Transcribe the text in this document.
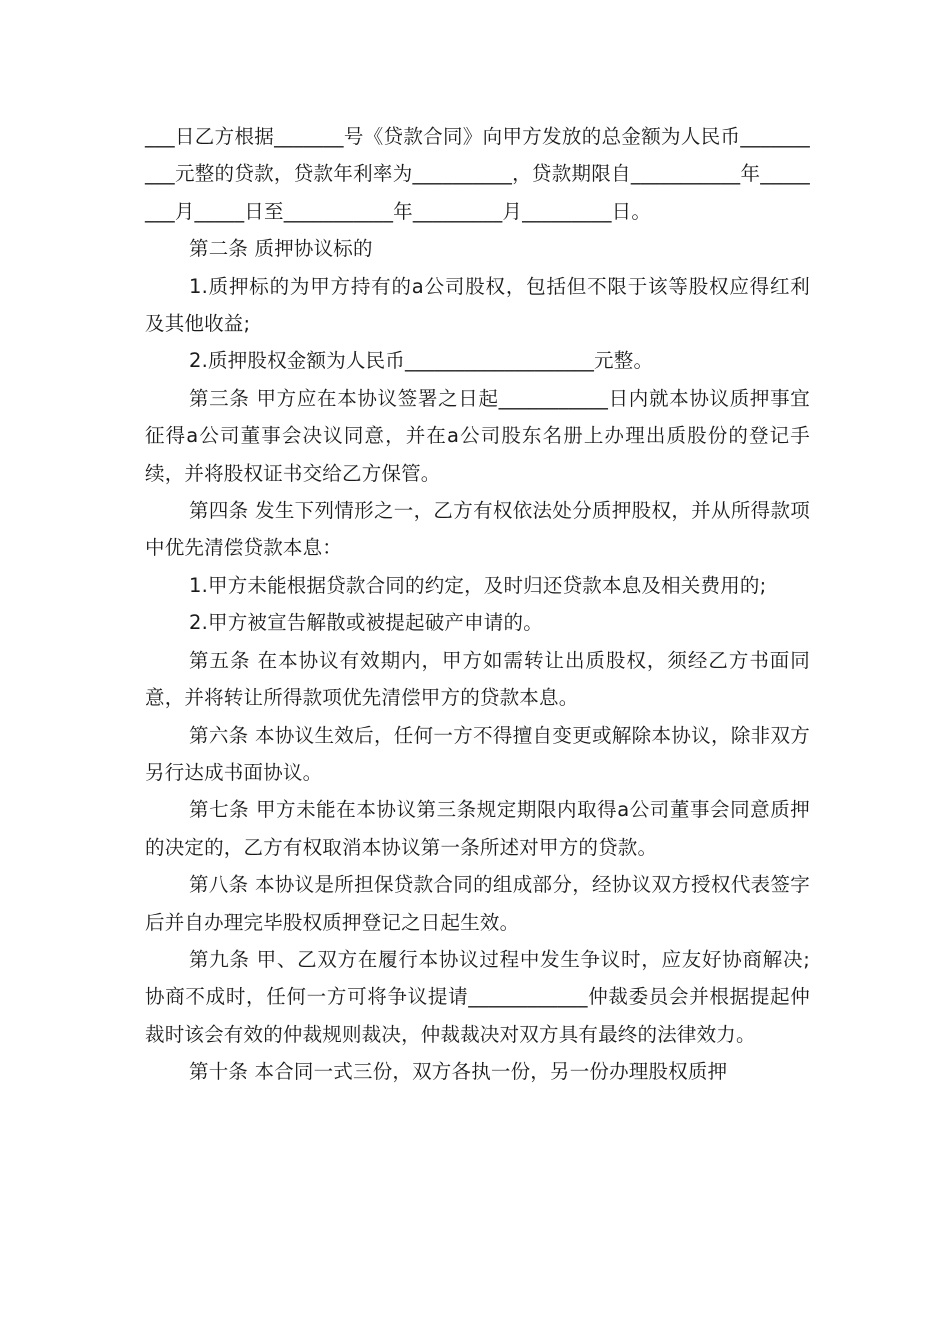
___日乙方根据_______号《贷款合同》向甲方发放的总金额为人民币__________元整的贷款，贷款年利率为__________，贷款期限自___________年________月_____日至___________年_________月_________日。

第二条 质押协议标的

1.质押标的为甲方持有的a公司股权，包括但不限于该等股权应得红利及其他收益;

2.质押股权金额为人民币___________________元整。

第三条 甲方应在本协议签署之日起___________日内就本协议质押事宜征得a公司董事会决议同意，并在a公司股东名册上办理出质股份的登记手续，并将股权证书交给乙方保管。

第四条 发生下列情形之一，乙方有权依法处分质押股权，并从所得款项中优先清偿贷款本息：

1.甲方未能根据贷款合同的约定，及时归还贷款本息及相关费用的;

2.甲方被宣告解散或被提起破产申请的。

第五条 在本协议有效期内，甲方如需转让出质股权，须经乙方书面同意，并将转让所得款项优先清偿甲方的贷款本息。

第六条 本协议生效后，任何一方不得擅自变更或解除本协议，除非双方另行达成书面协议。

第七条 甲方未能在本协议第三条规定期限内取得a公司董事会同意质押的决定的，乙方有权取消本协议第一条所述对甲方的贷款。

第八条 本协议是所担保贷款合同的组成部分，经协议双方授权代表签字后并自办理完毕股权质押登记之日起生效。

第九条 甲、乙双方在履行本协议过程中发生争议时，应友好协商解决;协商不成时，任何一方可将争议提请____________仲裁委员会并根据提起仲裁时该会有效的仲裁规则裁决，仲裁裁决对双方具有最终的法律效力。

第十条 本合同一式三份，双方各执一份，另一份办理股权质押
